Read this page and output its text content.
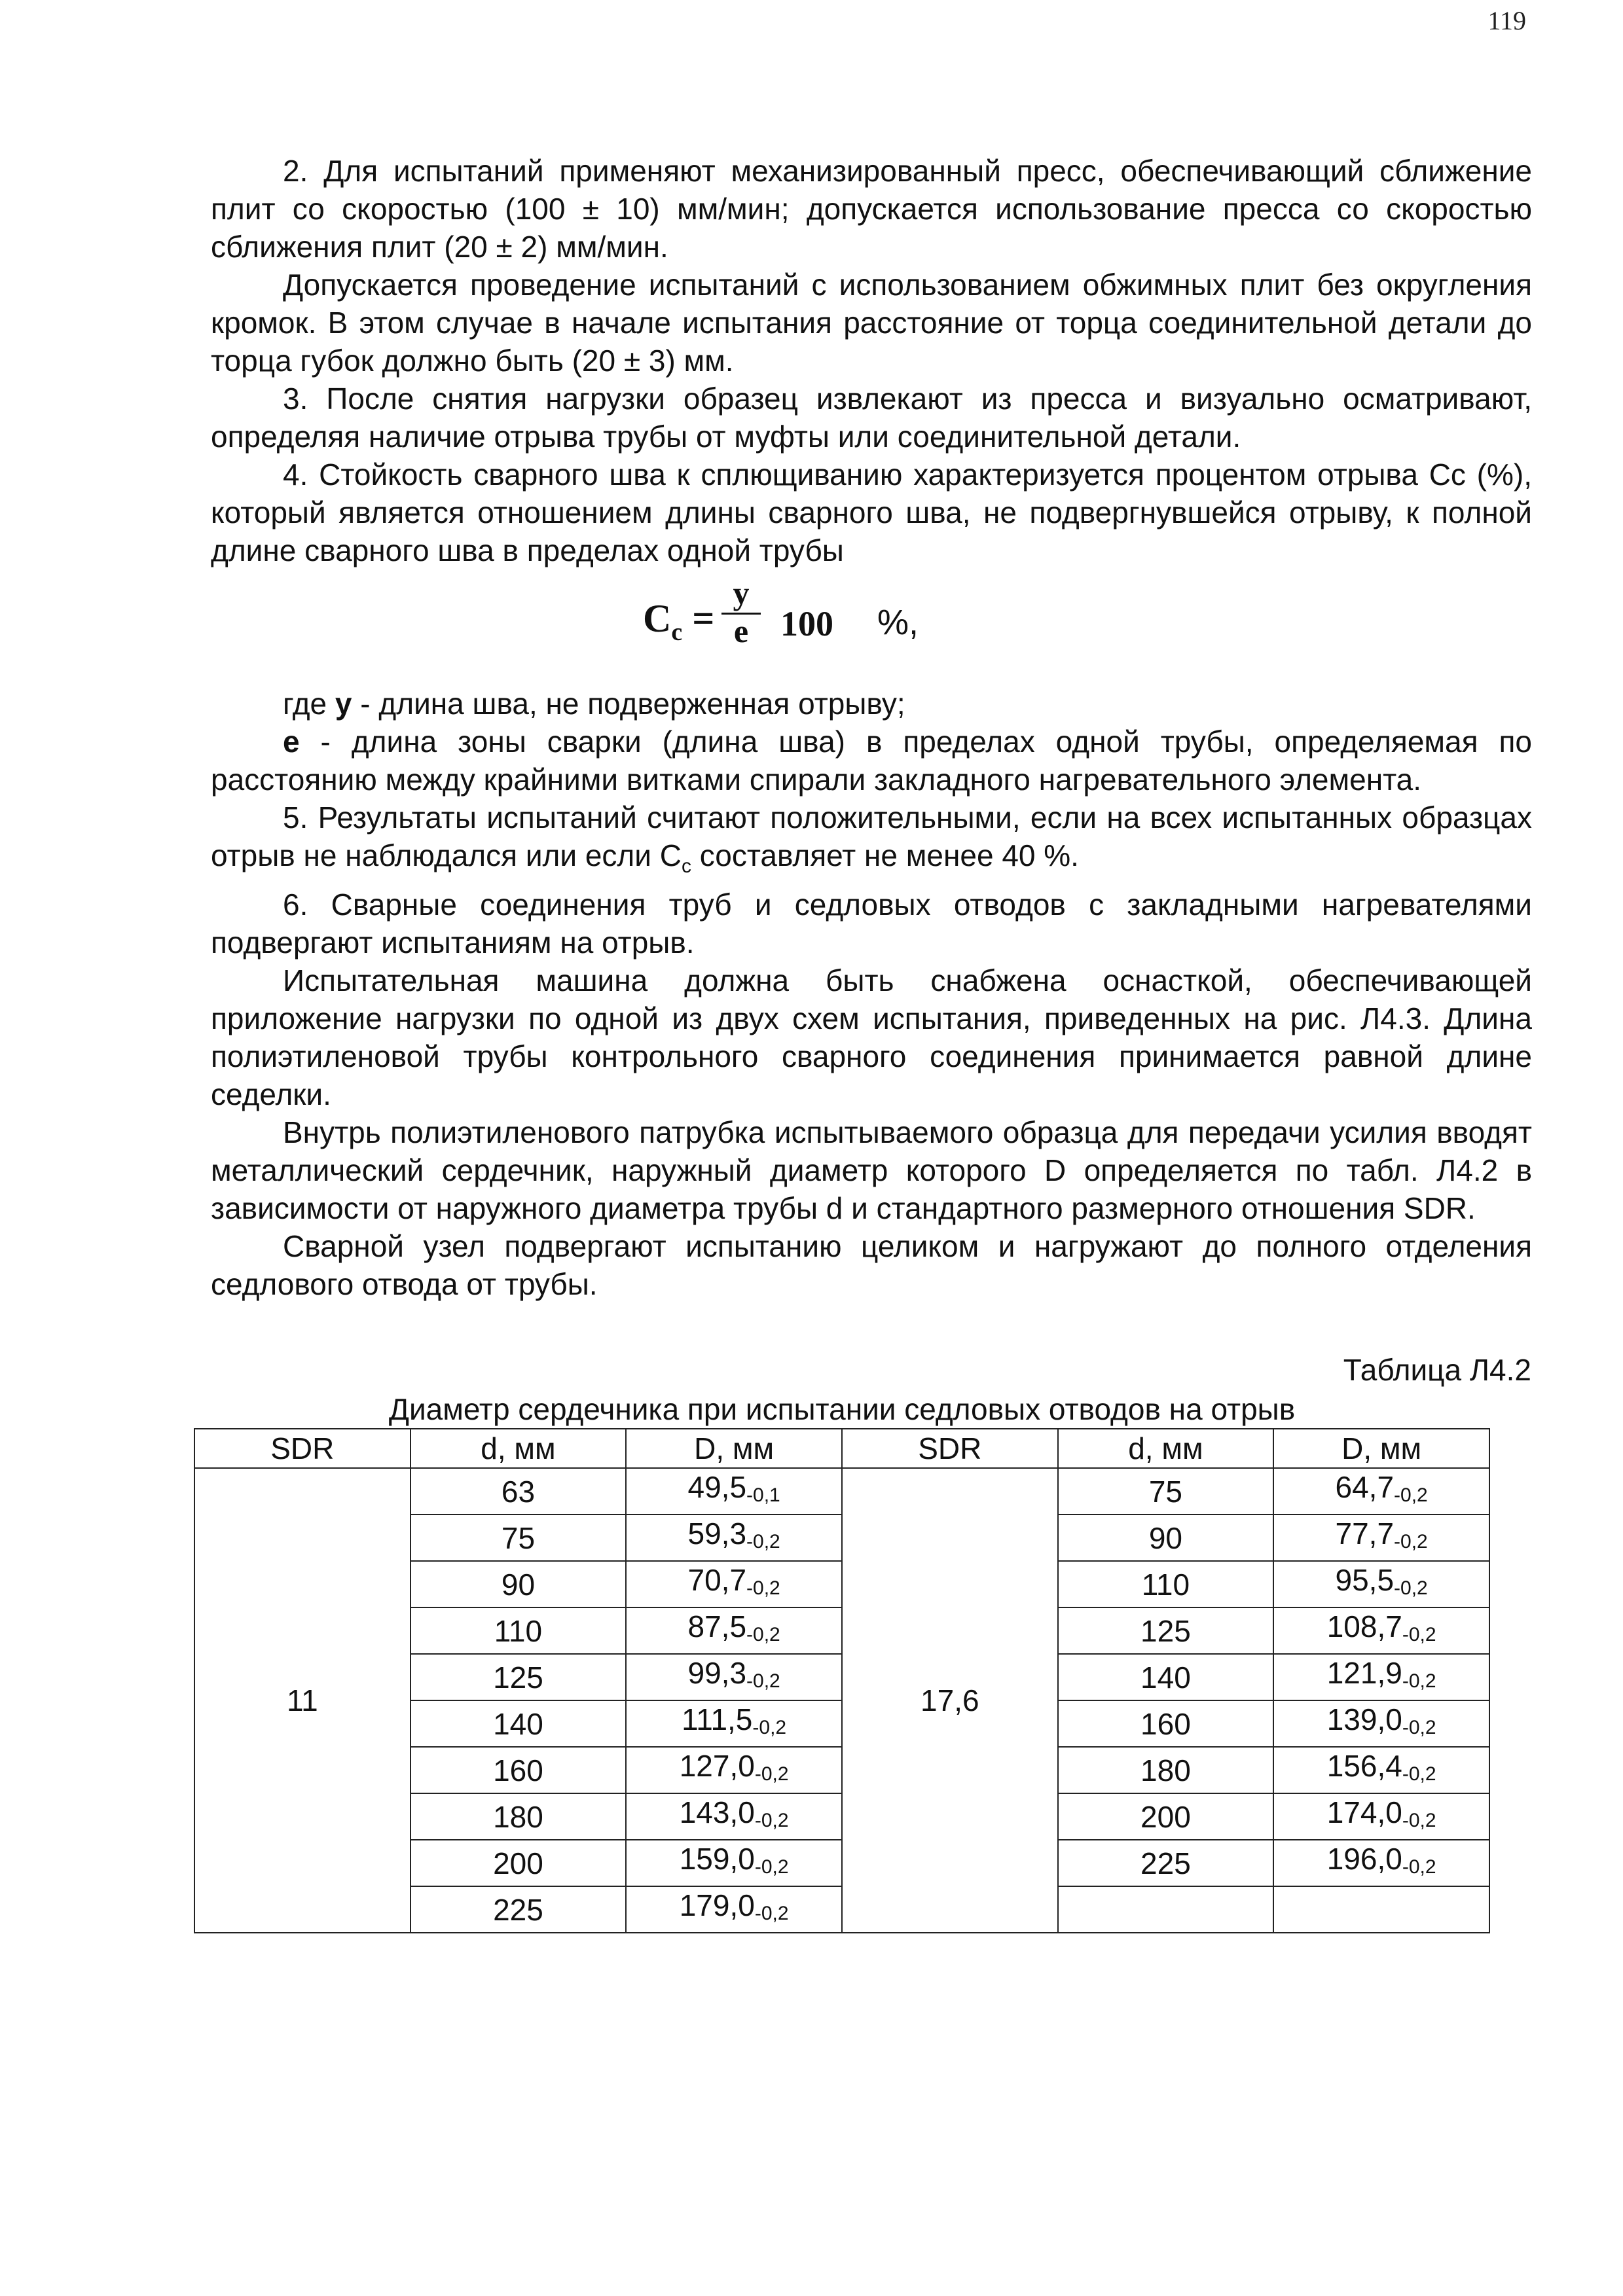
119

2. Для испытаний применяют механизированный пресс, обеспечивающий сближение плит со скоростью (100 ± 10) мм/мин; допускается использование пресса со скоростью сближения плит (20 ± 2) мм/мин.

Допускается проведение испытаний с использованием обжимных плит без округления кромок. В этом случае в начале испытания расстояние от торца соединительной детали до торца губок должно быть (20 ± 3) мм.

3. После снятия нагрузки образец извлекают из пресса и визуально осматривают, определяя наличие отрыва трубы от муфты или соединительной детали.

4. Стойкость сварного шва к сплющиванию характеризуется процентом отрыва Сс (%), который является отношением длины сварного шва, не подвергнувшейся отрыву, к полной длине сварного шва в пределах одной трубы

$C_c$ =
y
e 100 %,

где у - длина шва, не подверженная отрыву;

е - длина зоны сварки (длина шва) в пределах одной трубы, определяемая по расстоянию между крайними витками спирали закладного нагревательного элемента.

5. Результаты испытаний считают положительными, если на всех испытанных образцах отрыв не наблюдался или если $С_с$ составляет не менее 40 %.

6. Сварные соединения труб и седловых отводов с закладными нагревателями подвергают испытаниям на отрыв.

Испытательная машина должна быть снабжена оснасткой, обеспечивающей приложение нагрузки по одной из двух схем испытания, приведенных на рис. Л4.3. Длина полиэтиленовой трубы контрольного сварного соединения принимается равной длине седелки.

Внутрь полиэтиленового патрубка испытываемого образца для передачи усилия вводят металлический сердечник, наружный диаметр которого D определяется по табл. Л4.2 в зависимости от наружного диаметра трубы d и стандартного размерного отношения SDR.

Сварной узел подвергают испытанию целиком и нагружают до полного отделения седлового отвода от трубы.

Таблица Л4.2
Диаметр сердечника при испытании седловых отводов на отрыв
SDR	d, мм	D, мм	SDR	d, мм	D, мм
11	63	$49,5_{-0,1}$	17,6	75	$64,7_{-0,2}$
	75	$59,3_{-0,2}$		90	$77,7_{-0,2}$
	90	$70,7_{-0,2}$		110	$95,5_{-0,2}$
	110	$87,5_{-0,2}$		125	$108,7_{-0,2}$
	125	$99,3_{-0,2}$		140	$121,9_{-0,2}$
	140	$111,5_{-0,2}$		160	$139,0_{-0,2}$
	160	$127,0_{-0,2}$		180	$156,4_{-0,2}$
	180	$143,0_{-0,2}$		200	$174,0_{-0,2}$
	200	$159,0_{-0,2}$		225	$196,0_{-0,2}$
	225	$179,0_{-0,2}$		
